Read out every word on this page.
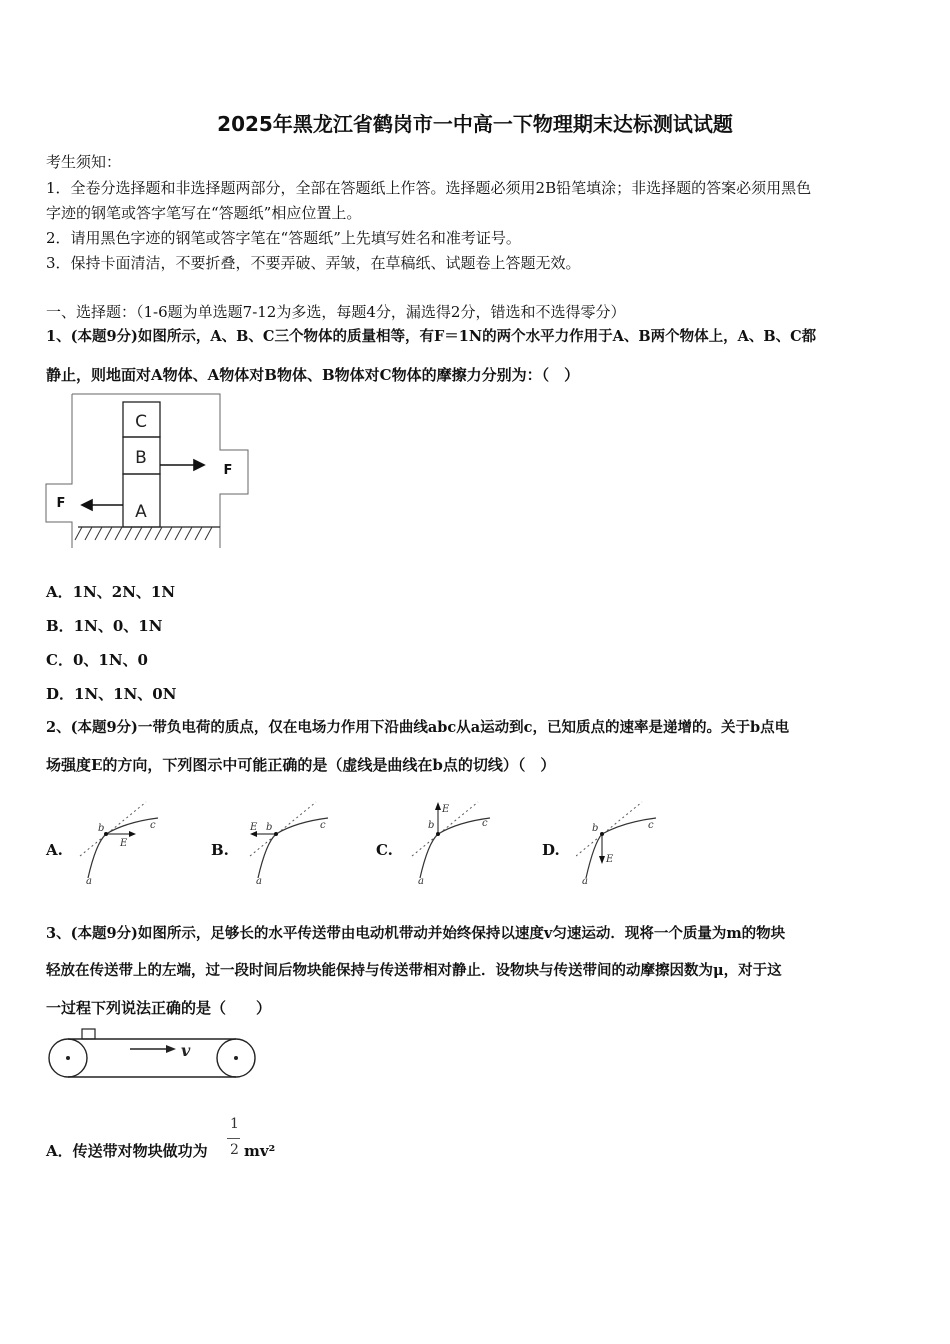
2025年黑龙江省鹤岗市一中高一下物理期末达标测试试题
考生须知：
1．全卷分选择题和非选择题两部分，全部在答题纸上作答。选择题必须用2B铅笔填涂；非选择题的答案必须用黑色
字迹的钢笔或答字笔写在“答题纸”相应位置上。
2．请用黑色字迹的钢笔或答字笔在“答题纸”上先填写姓名和准考证号。
3．保持卡面清洁，不要折叠，不要弄破、弄皱，在草稿纸、试题卷上答题无效。
一、选择题：（1-6题为单选题7-12为多选，每题4分，漏选得2分，错选和不选得零分）
1、(本题9分)如图所示，A、B、C三个物体的质量相等，有F＝1N的两个水平力作用于A、B两个物体上，A、B、C都
静止，则地面对A物体、A物体对B物体、B物体对C物体的摩擦力分别为：（　）
C
B
A
F
F
A．1N、2N、1N
B．1N、0、1N
C．0、1N、0
D．1N、1N、0N
2、(本题9分)一带负电荷的质点，仅在电场力作用下沿曲线abc从a运动到c，已知质点的速率是递增的。关于b点电
场强度E的方向，下列图示中可能正确的是（虚线是曲线在b点的切线）（　）
A.
b	c
a
E	B.
b	c
a
E
C.
b	c
a
E
D.
b	c
a
E
3、(本题9分)如图所示，足够长的水平传送带由电动机带动并始终保持以速度v匀速运动．现将一个质量为m的物块
轻放在传送带上的左端，过一段时间后物块能保持与传送带相对静止．设物块与传送带间的动摩擦因数为μ，对于这
一过程下列说法正确的是（　　）
v
A．传送带对物块做功为
1
2 mv²
